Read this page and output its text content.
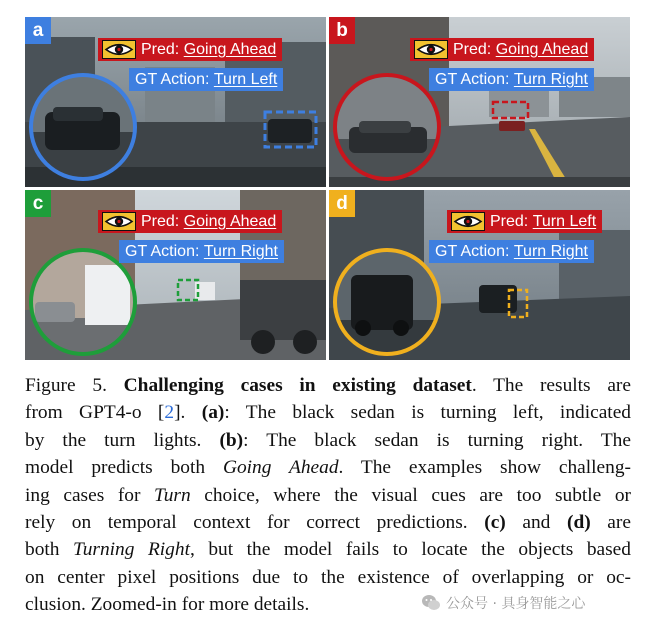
a
Pred:
Going Ahead
GT Action: Turn Left
b
Pred:
Going Ahead
GT Action: Turn Right
c
Pred:
Going Ahead
GT Action: Turn Right
d
Pred:
Turn Left
GT Action: Turn Right
Figure 5. Challenging cases in existing dataset. The results are
from GPT4-o [2]. (a): The black sedan is turning left, indicated
by the turn lights. (b): The black sedan is turning right. The
model predicts both Going Ahead. The examples show challeng-
ing cases for Turn choice, where the visual cues are too subtle or
rely on temporal context for correct predictions. (c) and (d) are
both Turning Right, but the model fails to locate the objects based
on center pixel positions due to the existence of overlapping or oc-
clusion. Zoomed-in for more details.	公众号 · 具身智能之心
